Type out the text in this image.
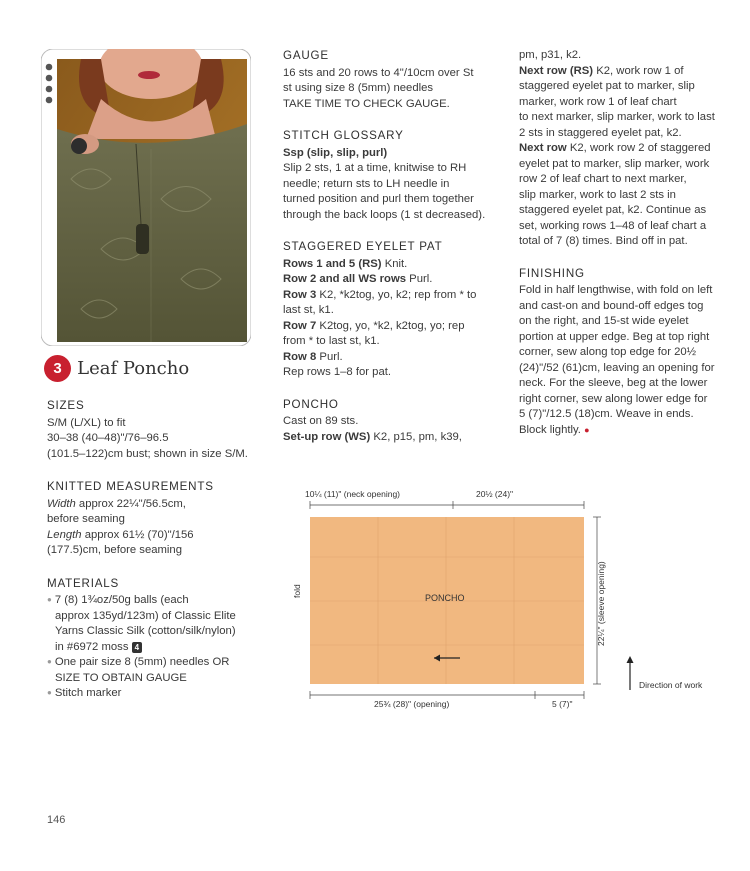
3 Leaf Poncho
SIZES
S/M (L/XL) to fit
30–38 (40–48)"/76–96.5
(101.5–122)cm bust; shown in size S/M.
KNITTED MEASUREMENTS
Width approx 22¼"/56.5cm,
before seaming
Length approx 61½ (70)"/156
(177.5)cm, before seaming
MATERIALS
● 7 (8) 1¾oz/50g balls (each
approx 135yd/123m) of Classic Elite
Yarns Classic Silk (cotton/silk/nylon)
in #6972 moss 4
● One pair size 8 (5mm) needles OR
SIZE TO OBTAIN GAUGE
● Stitch marker
GAUGE
16 sts and 20 rows to 4"/10cm over St
st using size 8 (5mm) needles
TAKE TIME TO CHECK GAUGE.
STITCH GLOSSARY
Ssp (slip, slip, purl)
Slip 2 sts, 1 at a time, knitwise to RH
needle; return sts to LH needle in
turned position and purl them together
through the back loops (1 st decreased).
STAGGERED EYELET PAT
Rows 1 and 5 (RS) Knit.
Row 2 and all WS rows Purl.
Row 3 K2, *k2tog, yo, k2; rep from * to
last st, k1.
Row 7 K2tog, yo, *k2, k2tog, yo; rep
from * to last st, k1.
Row 8 Purl.
Rep rows 1–8 for pat.
PONCHO
Cast on 89 sts.
Set-up row (WS) K2, p15, pm, k39,
pm, p31, k2.
Next row (RS) K2, work row 1 of
staggered eyelet pat to marker, slip
marker, work row 1 of leaf chart
to next marker, slip marker, work to last
2 sts in staggered eyelet pat, k2.
Next row K2, work row 2 of staggered
eyelet pat to marker, slip marker, work
row 2 of leaf chart to next marker,
slip marker, work to last 2 sts in
staggered eyelet pat, k2. Continue as
set, working rows 1–48 of leaf chart a
total of 7 (8) times. Bind off in pat.
FINISHING
Fold in half lengthwise, with fold on left
and cast-on and bound-off edges tog
on the right, and 15-st wide eyelet
portion at upper edge. Beg at top right
corner, sew along top edge for 20½
(24)"/52 (61)cm, leaving an opening for
neck. For the sleeve, beg at the lower
right corner, sew along lower edge for
5 (7)"/12.5 (18)cm. Weave in ends.
Block lightly. ●
10¼ (11)" (neck opening)	20½ (24)"
PONCHO
fold	22¼" (sleeve opening)
25¾ (28)" (opening)	5 (7)"
Direction of work
146
